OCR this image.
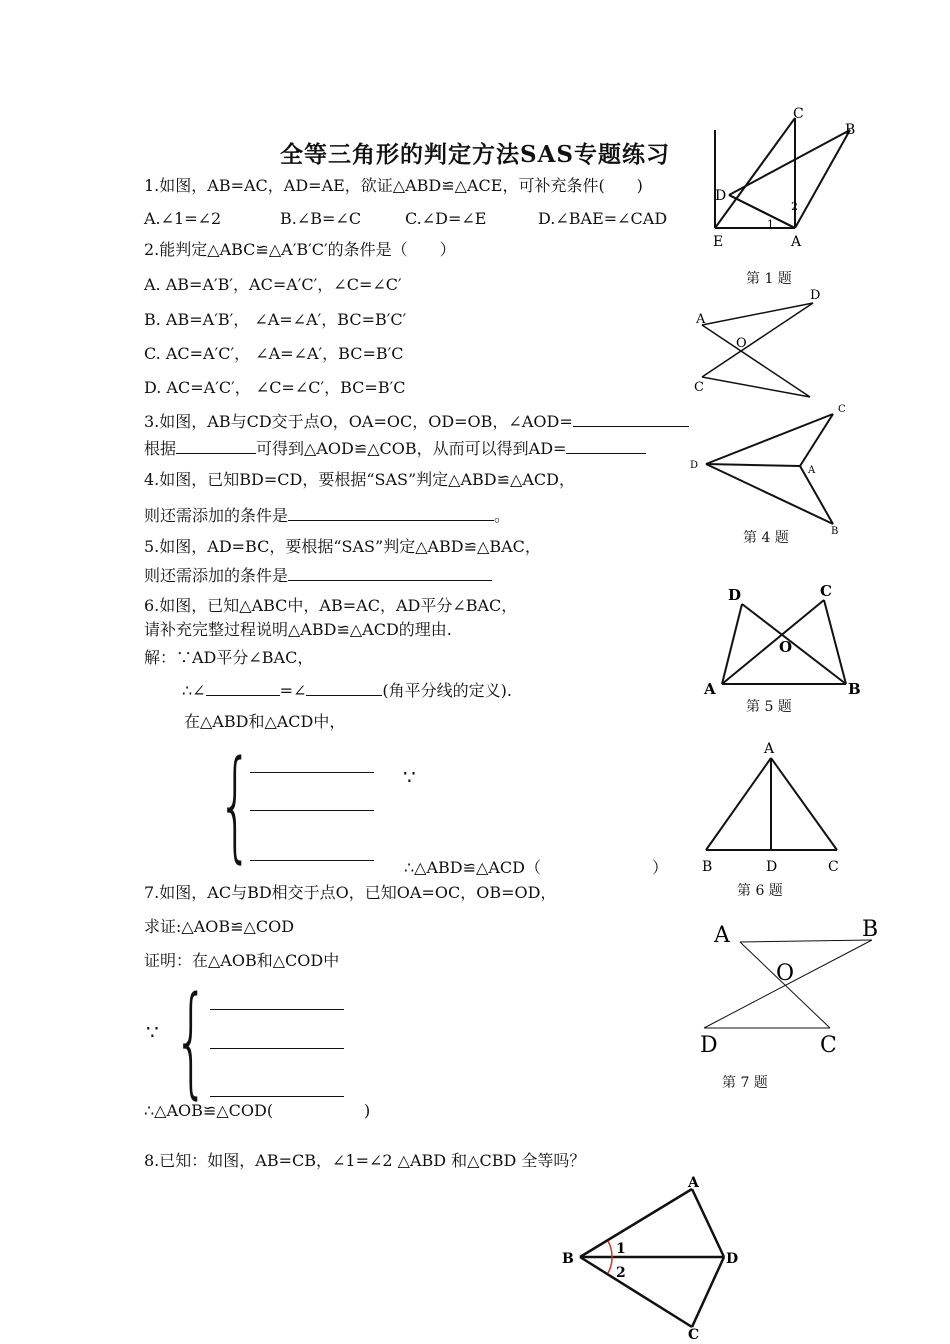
全等三角形的判定方法SAS专题练习
1.如图，AB=AC，AD=AE，欲证△ABD≌△ACE，可补充条件(　　)
A.∠1=∠2	B.∠B=∠C	C.∠D=∠E	D.∠BAE=∠CAD
2.能判定△ABC≌△A′B′C′的条件是（　　）
A. AB=A′B′，AC=A′C′，∠C=∠C′
B. AB=A′B′， ∠A=∠A′，BC=B′C′
C. AC=A′C′， ∠A=∠A′，BC=B′C
D. AC=A′C′， ∠C=∠C′，BC=B′C
3.如图，AB与CD交于点O，OA=OC，OD=OB，∠AOD=
根据	可得到△AOD≌△COB，从而可以得到AD=
4.如图，已知BD=CD，要根据“SAS”判定△ABD≌△ACD，
则还需添加的条件是	。
5.如图，AD=BC，要根据“SAS”判定△ABD≌△BAC，
则还需添加的条件是
6.如图，已知△ABC中，AB=AC，AD平分∠BAC，
请补充完整过程说明△ABD≌△ACD的理由.
解：∵AD平分∠BAC，
∴∠	=∠	(角平分线的定义).
在△ABD和△ACD中，
{	∵
∴△ABD≌△ACD（	）
7.如图，AC与BD相交于点O，已知OA=OC，OB=OD，
求证:△AOB≌△COD
证明：在△AOB和△COD中
∵ {
∴△AOB≌△COD(	)
8.已知：如图，AB=CB，∠1=∠2 △ABD 和△CBD 全等吗？
C
B
D
E	A
1
2
第 1 题
A
D
O
C
C
D	A
B
第 4 题
D	C
O
A	B
第 5 题
A
B	D	C
第 6 题
A	B
O
D	C
第 7 题
A
B	D
C
1
2
